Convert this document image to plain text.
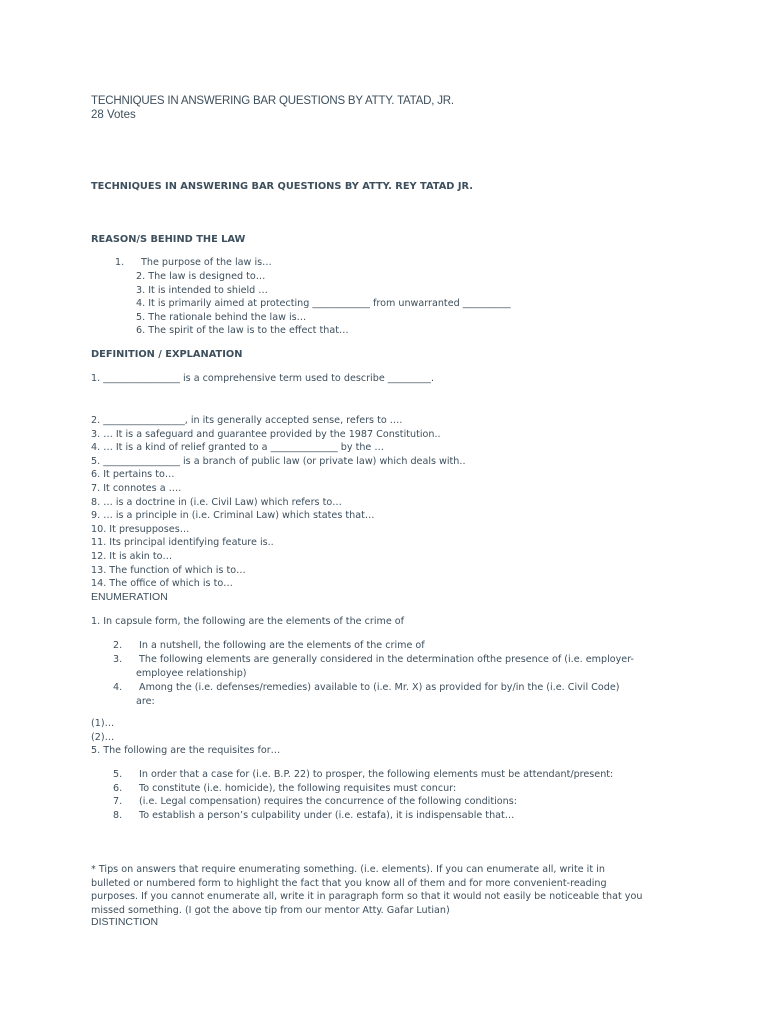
TECHNIQUES IN ANSWERING BAR QUESTIONS BY ATTY. TATAD, JR.
28 Votes
TECHNIQUES IN ANSWERING BAR QUESTIONS BY ATTY. REY TATAD JR.
REASON/S BEHIND THE LAW
1. The purpose of the law is…
2. The law is designed to…
3. It is intended to shield …
4. It is primarily aimed at protecting ____________ from unwarranted __________
5. The rationale behind the law is…
6. The spirit of the law is to the effect that…
DEFINITION / EXPLANATION
1. ________________ is a comprehensive term used to describe _________.
2. _________________, in its generally accepted sense, refers to ….
3. … It is a safeguard and guarantee provided by the 1987 Constitution..
4. … It is a kind of relief granted to a ______________ by the …
5. ________________ is a branch of public law (or private law) which deals with..
6. It pertains to…
7. It connotes a ….
8. … is a doctrine in (i.e. Civil Law) which refers to…
9. … is a principle in (i.e. Criminal Law) which states that…
10. It presupposes…
11. Its principal identifying feature is..
12. It is akin to…
13. The function of which is to…
14. The office of which is to…
ENUMERATION
1. In capsule form, the following are the elements of the crime of
2. In a nutshell, the following are the elements of the crime of
3. The following elements are generally considered in the determination ofthe presence of (i.e. employer-
employee relationship)
4. Among the (i.e. defenses/remedies) available to (i.e. Mr. X) as provided for by/in the (i.e. Civil Code)
are:
(1)…
(2)…
5. The following are the requisites for…
5. In order that a case for (i.e. B.P. 22) to prosper, the following elements must be attendant/present:
6. To constitute (i.e. homicide), the following requisites must concur:
7. (i.e. Legal compensation) requires the concurrence of the following conditions:
8. To establish a person’s culpability under (i.e. estafa), it is indispensable that…
* Tips on answers that require enumerating something. (i.e. elements). If you can enumerate all, write it in
bulleted or numbered form to highlight the fact that you know all of them and for more convenient-reading
purposes. If you cannot enumerate all, write it in paragraph form so that it would not easily be noticeable that you
missed something. (I got the above tip from our mentor Atty. Gafar Lutian)
DISTINCTION
